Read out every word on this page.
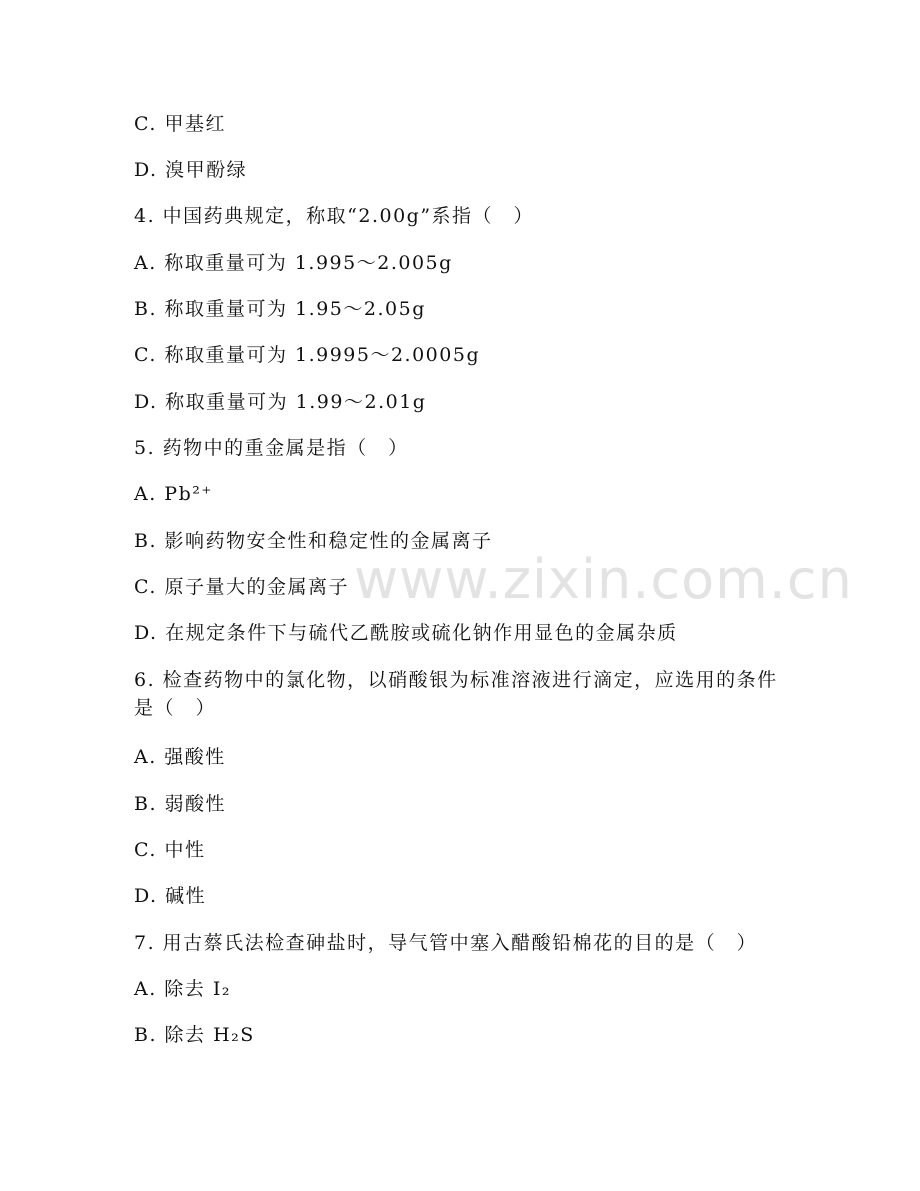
www.zixin.com.cn
C. 甲基红
D. 溴甲酚绿
4. 中国药典规定，称取“2.00g”系指（　）
A. 称取重量可为 1.995～2.005g
B. 称取重量可为 1.95～2.05g
C. 称取重量可为 1.9995～2.0005g
D. 称取重量可为 1.99～2.01g
5. 药物中的重金属是指（　）
A. Pb²⁺
B. 影响药物安全性和稳定性的金属离子
C. 原子量大的金属离子
D. 在规定条件下与硫代乙酰胺或硫化钠作用显色的金属杂质
6. 检查药物中的氯化物，以硝酸银为标准溶液进行滴定，应选用的条件是（　）
A. 强酸性
B. 弱酸性
C. 中性
D. 碱性
7. 用古蔡氏法检查砷盐时，导气管中塞入醋酸铅棉花的目的是（　）
A. 除去 I₂
B. 除去 H₂S
